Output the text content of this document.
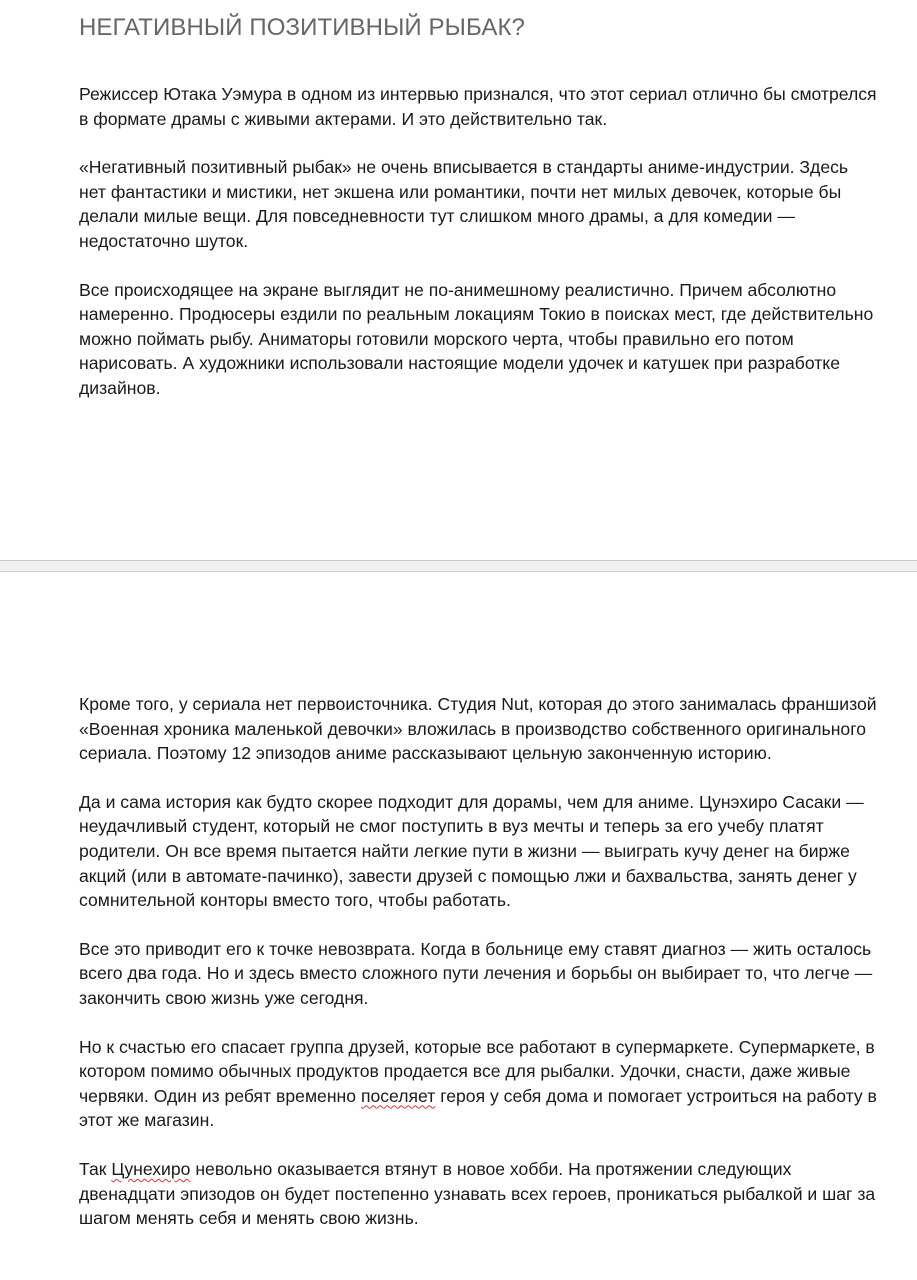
НЕГАТИВНЫЙ ПОЗИТИВНЫЙ РЫБАК?

Режиссер Ютака Уэмура в одном из интервью признался, что этот сериал отлично бы смотрелся в формате драмы с живыми актерами. И это действительно так.

«Негативный позитивный рыбак» не очень вписывается в стандарты аниме-индустрии. Здесь нет фантастики и мистики, нет экшена или романтики, почти нет милых девочек, которые бы делали милые вещи. Для повседневности тут слишком много драмы, а для комедии — недостаточно шуток.

Все происходящее на экране выглядит не по-анимешному реалистично. Причем абсолютно намеренно. Продюсеры ездили по реальным локациям Токио в поисках мест, где действительно можно поймать рыбу. Аниматоры готовили морского черта, чтобы правильно его потом нарисовать. А художники использовали настоящие модели удочек и катушек при разработке дизайнов.

Кроме того, у сериала нет первоисточника. Студия Nut, которая до этого занималась франшизой «Военная хроника маленькой девочки» вложилась в производство собственного оригинального сериала. Поэтому 12 эпизодов аниме рассказывают цельную законченную историю.

Да и сама история как будто скорее подходит для дорамы, чем для аниме. Цунэхиро Сасаки — неудачливый студент, который не смог поступить в вуз мечты и теперь за его учебу платят родители. Он все время пытается найти легкие пути в жизни — выиграть кучу денег на бирже акций (или в автомате-пачинко), завести друзей с помощью лжи и бахвальства, занять денег у сомнительной конторы вместо того, чтобы работать.

Все это приводит его к точке невозврата. Когда в больнице ему ставят диагноз — жить осталось всего два года. Но и здесь вместо сложного пути лечения и борьбы он выбирает то, что легче — закончить свою жизнь уже сегодня.

Но к счастью его спасает группа друзей, которые все работают в супермаркете. Супермаркете, в котором помимо обычных продуктов продается все для рыбалки. Удочки, снасти, даже живые червяки. Один из ребят временно поселяет героя у себя дома и помогает устроиться на работу в этот же магазин.

Так Цунехиро невольно оказывается втянут в новое хобби. На протяжении следующих двенадцати эпизодов он будет постепенно узнавать всех героев, проникаться рыбалкой и шаг за шагом менять себя и менять свою жизнь.
